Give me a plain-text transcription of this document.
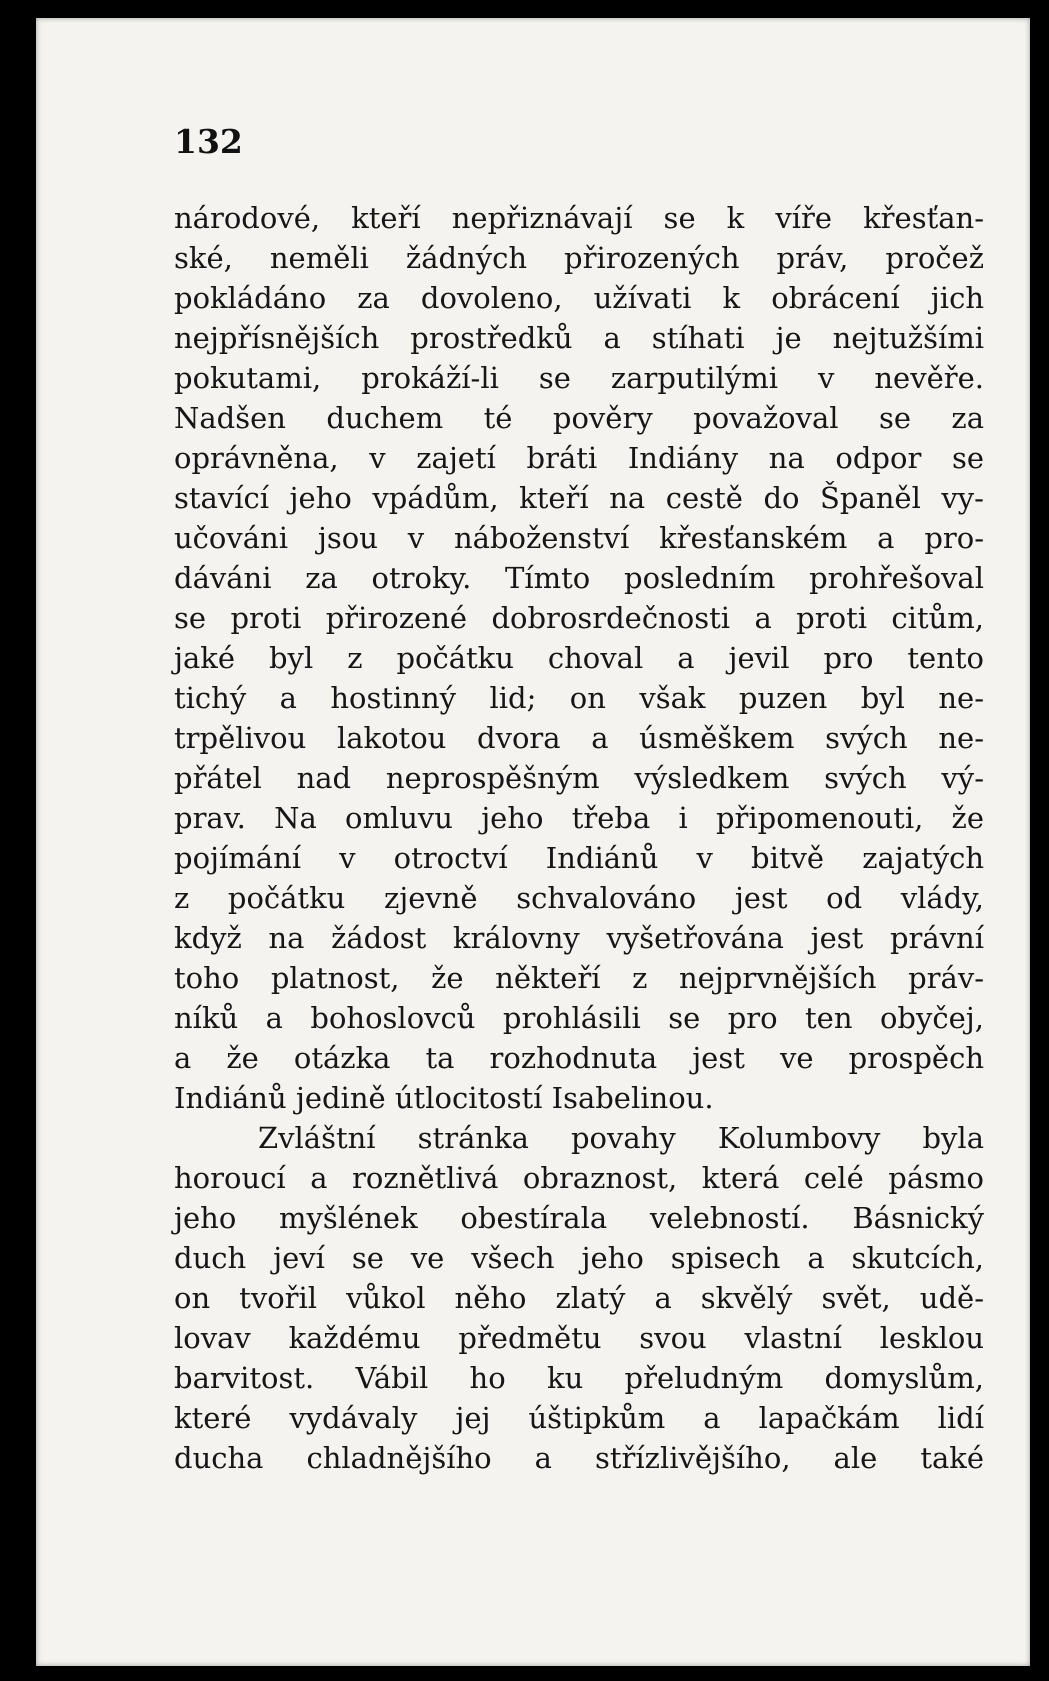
132

národové, kteří nepřiznávají se k víře křesťan-
ské, neměli žádných přirozených práv, pročež
pokládáno za dovoleno, užívati k obrácení jich
nejpřísnějších prostředků a stíhati je nejtužšími
pokutami, prokáží-li se zarputilými v nevěře.
Nadšen duchem té pověry považoval se za
oprávněna, v zajetí bráti Indiány na odpor se
stavící jeho vpádům, kteří na cestě do Španěl vy-
učováni jsou v náboženství křesťanském a pro-
dáváni za otroky. Tímto posledním prohřešoval
se proti přirozené dobrosrdečnosti a proti citům,
jaké byl z počátku choval a jevil pro tento
tichý a hostinný lid; on však puzen byl ne-
trpělivou lakotou dvora a úsměškem svých ne-
přátel nad neprospěšným výsledkem svých vý-
prav. Na omluvu jeho třeba i připomenouti, že
pojímání v otroctví Indiánů v bitvě zajatých
z počátku zjevně schvalováno jest od vlády,
když na žádost královny vyšetřována jest právní
toho platnost, že někteří z nejprvnějších práv-
níků a bohoslovců prohlásili se pro ten obyčej,
a že otázka ta rozhodnuta jest ve prospěch
Indiánů jedině útlocitostí Isabelinou.
Zvláštní stránka povahy Kolumbovy byla
horoucí a roznětlivá obraznost, která celé pásmo
jeho myšlének obestírala velebností. Básnický
duch jeví se ve všech jeho spisech a skutcích,
on tvořil vůkol něho zlatý a skvělý svět, udě-
lovav každému předmětu svou vlastní lesklou
barvitost. Vábil ho ku přeludným domyslům,
které vydávaly jej úštipkům a lapačkám lidí
ducha chladnějšího a střízlivějšího, ale také
